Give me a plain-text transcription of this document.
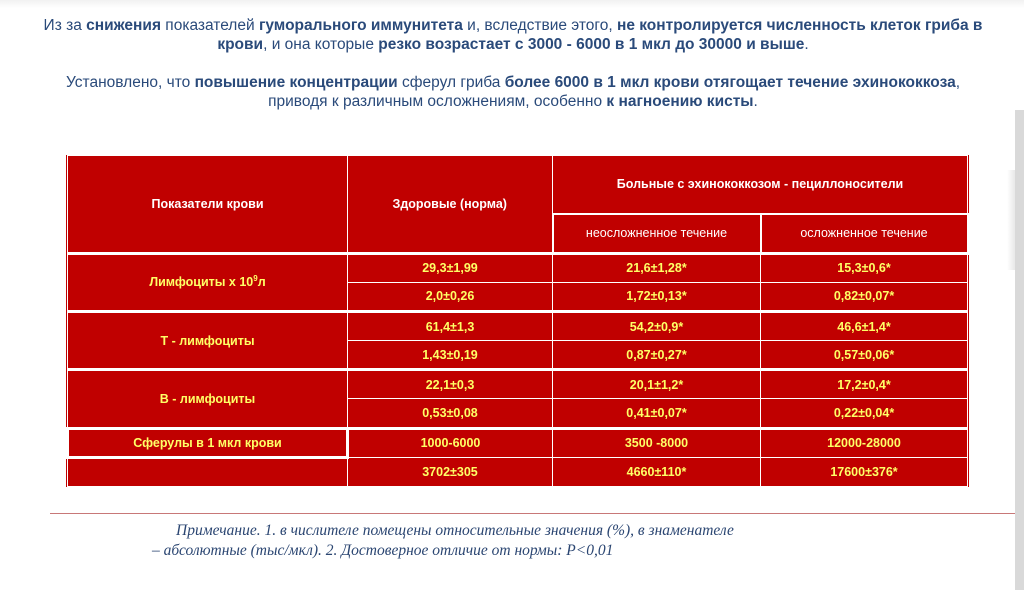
Из за снижения показателей гуморального иммунитета и, вследствие этого, не контролируется численность клеток гриба в крови, и она которые резко возрастает с 3000 - 6000 в 1 мкл до 30000 и выше.

Установлено, что повышение концентрации сферул гриба более 6000 в 1 мкл крови отягощает течение эхинококкоза, приводя к различным осложнениям, особенно к нагноению кисты.

Показатели крови	Здоровые (норма)	Больные с эхинококкозом - пециллоносители	
		неосложненное течение	осложненное течение
Лимфоциты х $10^9л$	29,3±1,99	21,6±1,28*	15,3±0,6*
	2,0±0,26	1,72±0,13*	0,82±0,07*
Т - лимфоциты	61,4±1,3	54,2±0,9*	46,6±1,4*
	1,43±0,19	0,87±0,27*	0,57±0,06*
В - лимфоциты	22,1±0,3	20,1±1,2*	17,2±0,4*
	0,53±0,08	0,41±0,07*	0,22±0,04*
Сферулы в 1 мкл крови	1000-6000	3500 -8000	12000-28000
	3702±305	4660±110*	17600±376*
Примечание. 1. в числителе помещены относительные значения (%), в знаменателе
– абсолютные (тыс/мкл). 2. Достоверное отличие от нормы: P<0,01
